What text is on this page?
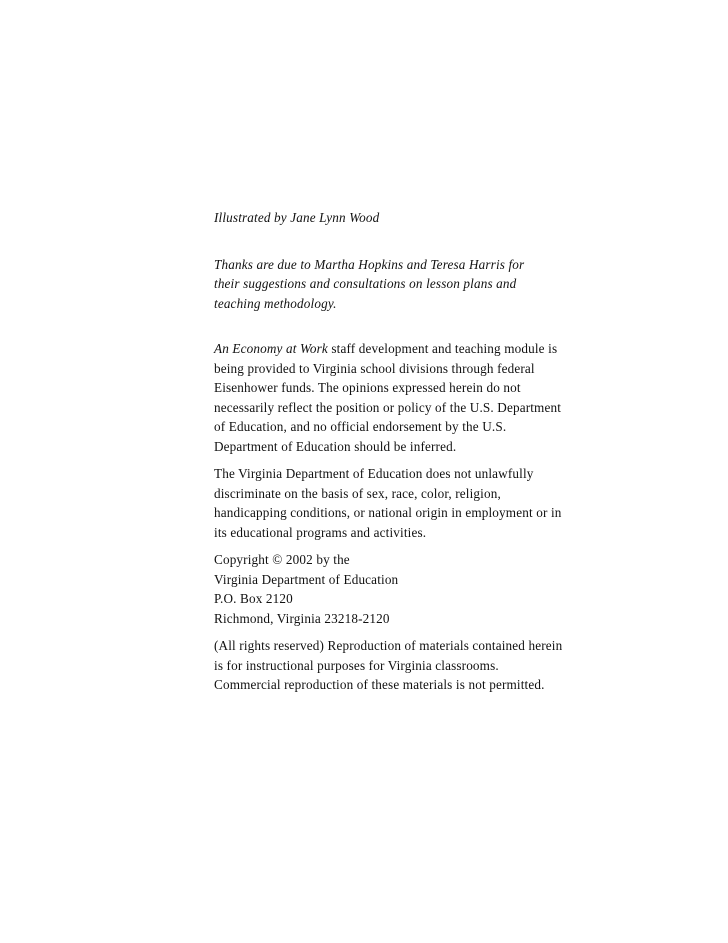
Illustrated by Jane Lynn Wood

Thanks are due to Martha Hopkins and Teresa Harris for
their suggestions and consultations on lesson plans and
teaching methodology.

An Economy at Work staff development and teaching module is
being provided to Virginia school divisions through federal
Eisenhower funds. The opinions expressed herein do not
necessarily reflect the position or policy of the U.S. Department
of Education, and no official endorsement by the U.S.
Department of Education should be inferred.

The Virginia Department of Education does not unlawfully
discriminate on the basis of sex, race, color, religion,
handicapping conditions, or national origin in employment or in
its educational programs and activities.

Copyright © 2002 by the
Virginia Department of Education
P.O. Box 2120
Richmond, Virginia 23218-2120

(All rights reserved) Reproduction of materials contained herein
is for instructional purposes for Virginia classrooms.
Commercial reproduction of these materials is not permitted.
